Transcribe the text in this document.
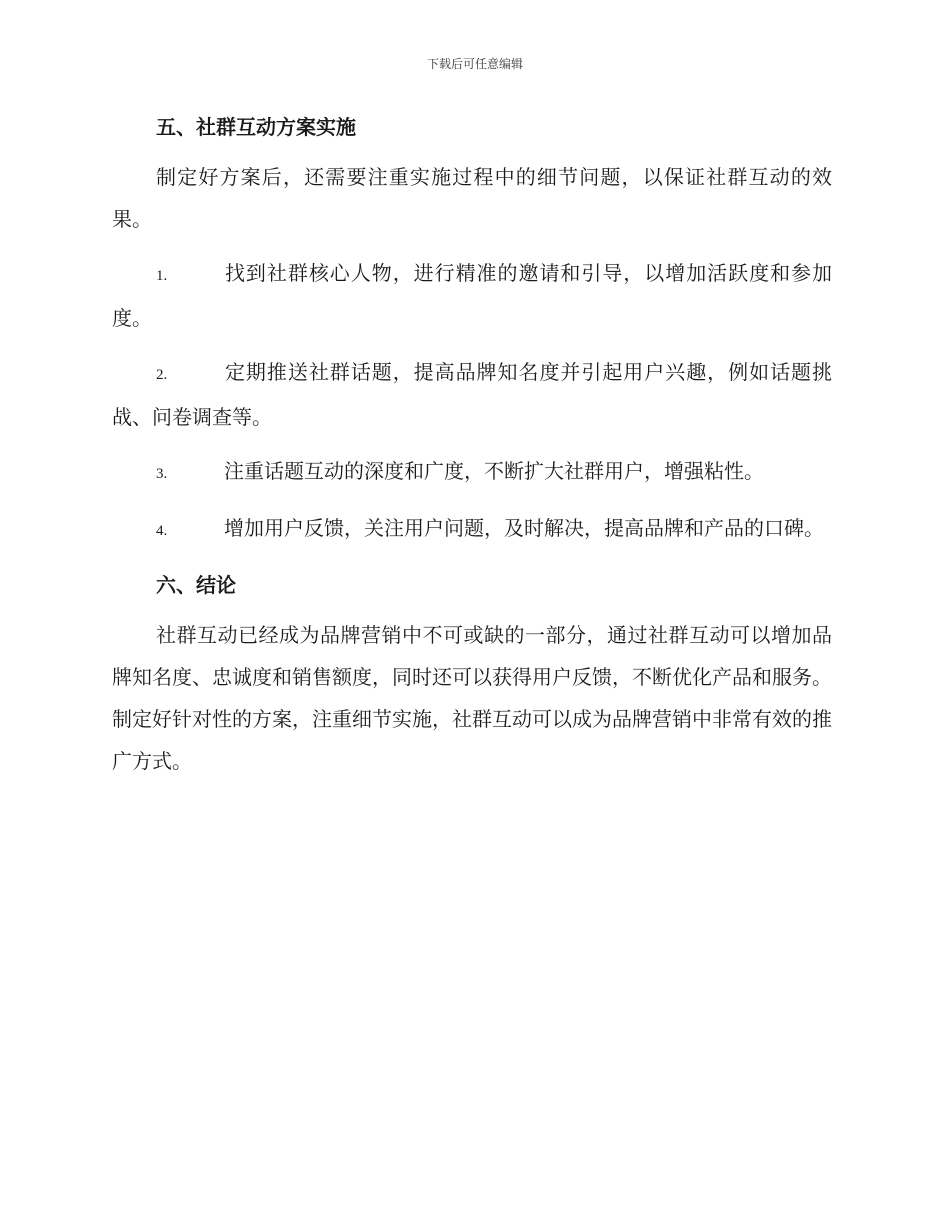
下载后可任意编辑
五、社群互动方案实施

制定好方案后，还需要注重实施过程中的细节问题，以保证社群互动的效果。

1.	找到社群核心人物，进行精准的邀请和引导，以增加活跃度和参加度。
2.	定期推送社群话题，提高品牌知名度并引起用户兴趣，例如话题挑战、问卷调查等。
3.	注重话题互动的深度和广度，不断扩大社群用户，增强粘性。
4.	增加用户反馈，关注用户问题，及时解决，提高品牌和产品的口碑。
六、结论

社群互动已经成为品牌营销中不可或缺的一部分，通过社群互动可以增加品牌知名度、忠诚度和销售额度，同时还可以获得用户反馈，不断优化产品和服务。制定好针对性的方案，注重细节实施，社群互动可以成为品牌营销中非常有效的推广方式。
